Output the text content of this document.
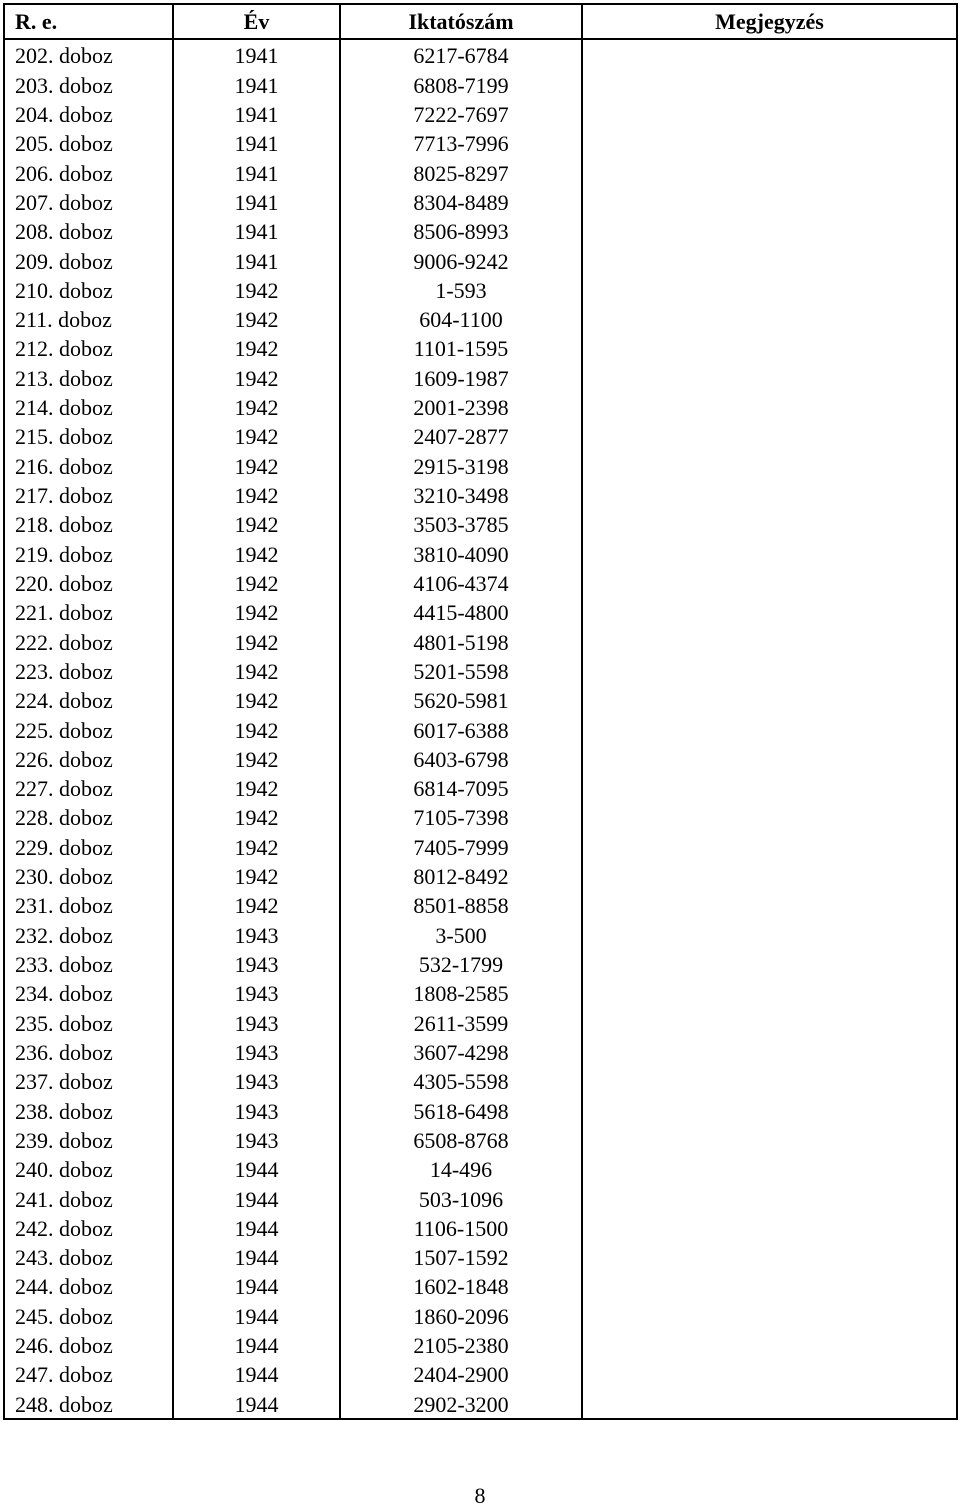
R. e.	Év	Iktatószám	Megjegyzés
202. doboz	1941	6217-6784	
203. doboz	1941	6808-7199	
204. doboz	1941	7222-7697	
205. doboz	1941	7713-7996	
206. doboz	1941	8025-8297	
207. doboz	1941	8304-8489	
208. doboz	1941	8506-8993	
209. doboz	1941	9006-9242	
210. doboz	1942	1-593	
211. doboz	1942	604-1100	
212. doboz	1942	1101-1595	
213. doboz	1942	1609-1987	
214. doboz	1942	2001-2398	
215. doboz	1942	2407-2877	
216. doboz	1942	2915-3198	
217. doboz	1942	3210-3498	
218. doboz	1942	3503-3785	
219. doboz	1942	3810-4090	
220. doboz	1942	4106-4374	
221. doboz	1942	4415-4800	
222. doboz	1942	4801-5198	
223. doboz	1942	5201-5598	
224. doboz	1942	5620-5981	
225. doboz	1942	6017-6388	
226. doboz	1942	6403-6798	
227. doboz	1942	6814-7095	
228. doboz	1942	7105-7398	
229. doboz	1942	7405-7999	
230. doboz	1942	8012-8492	
231. doboz	1942	8501-8858	
232. doboz	1943	3-500	
233. doboz	1943	532-1799	
234. doboz	1943	1808-2585	
235. doboz	1943	2611-3599	
236. doboz	1943	3607-4298	
237. doboz	1943	4305-5598	
238. doboz	1943	5618-6498	
239. doboz	1943	6508-8768	
240. doboz	1944	14-496	
241. doboz	1944	503-1096	
242. doboz	1944	1106-1500	
243. doboz	1944	1507-1592	
244. doboz	1944	1602-1848	
245. doboz	1944	1860-2096	
246. doboz	1944	2105-2380	
247. doboz	1944	2404-2900	
248. doboz	1944	2902-3200	
8
